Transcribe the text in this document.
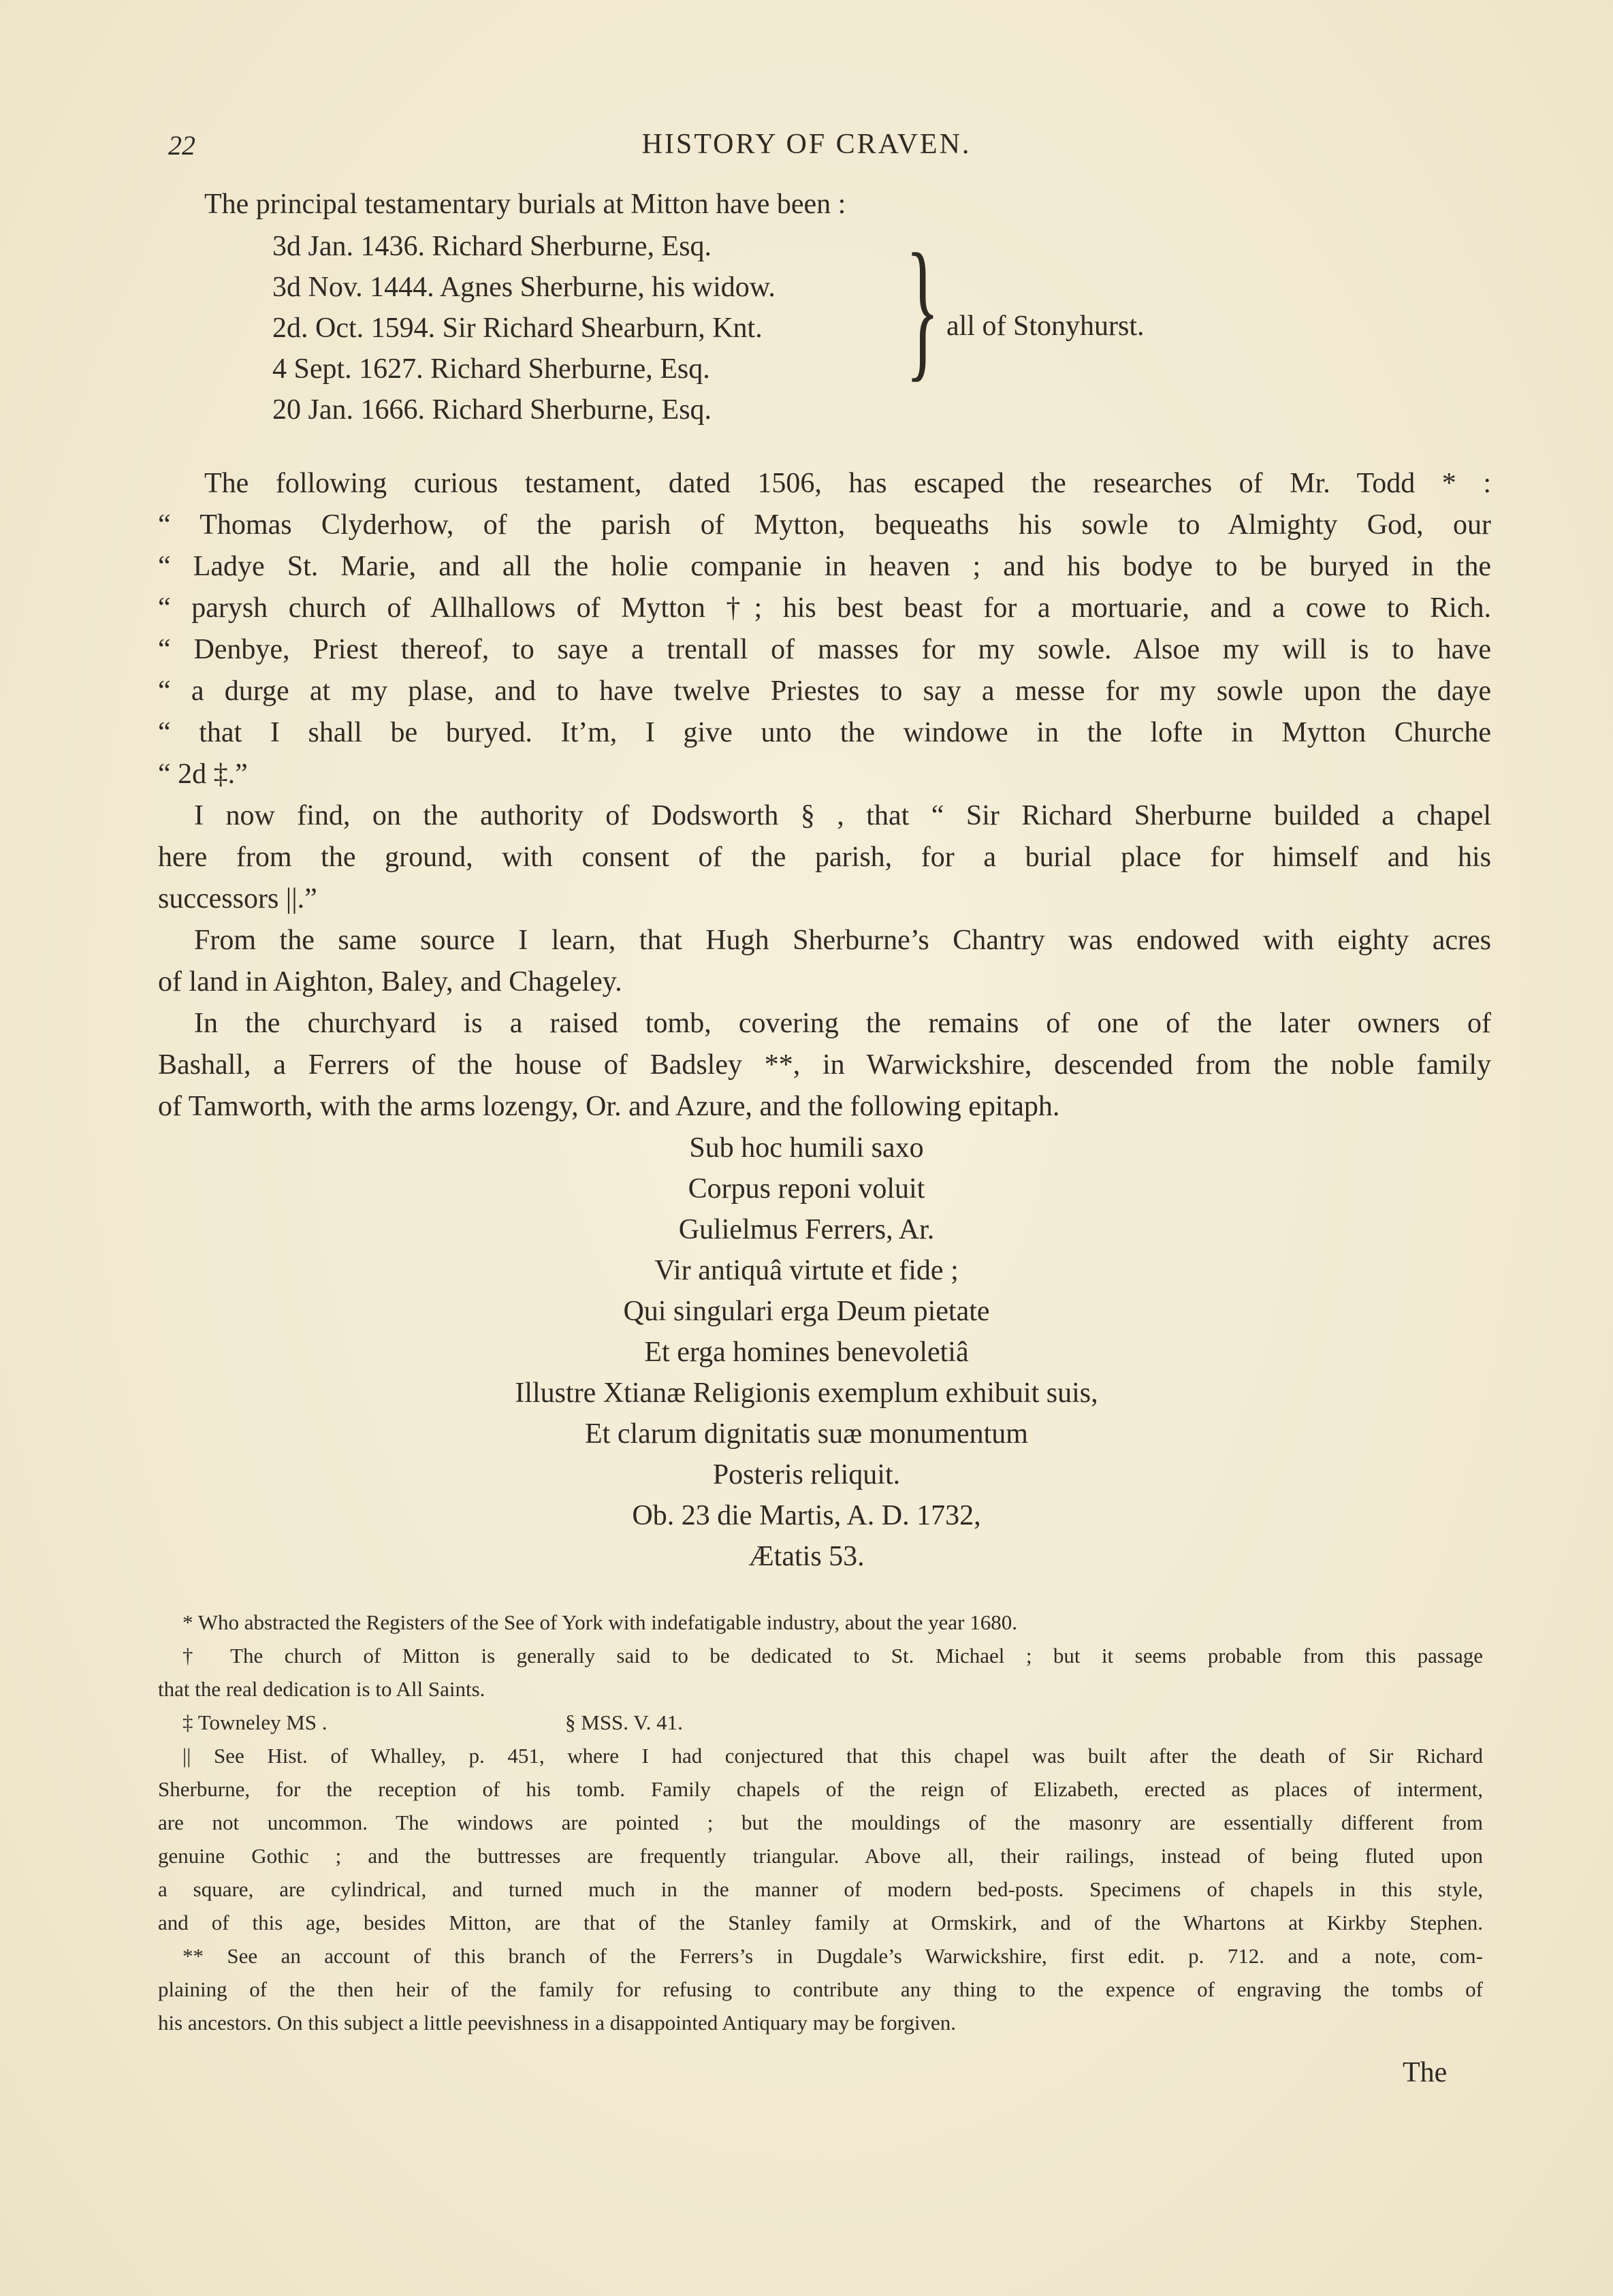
22	HISTORY OF CRAVEN.
The principal testamentary burials at Mitton have been :
3d Jan. 1436. Richard Sherburne, Esq.
3d Nov. 1444. Agnes Sherburne, his widow.
2d. Oct. 1594. Sir Richard Shearburn, Knt.
4 Sept. 1627. Richard Sherburne, Esq.
20 Jan. 1666. Richard Sherburne, Esq.
} all of Stonyhurst.
The following curious testament, dated 1506, has escaped the researches of Mr. Todd * :
“ Thomas Clyderhow, of the parish of Mytton, bequeaths his sowle to Almighty God, our
“ Ladye St. Marie, and all the holie companie in heaven ; and his bodye to be buryed in the
“ parysh church of Allhallows of Mytton †; his best beast for a mortuarie, and a cowe to Rich.
“ Denbye, Priest thereof, to saye a trentall of masses for my sowle. Alsoe my will is to have
“ a durge at my plase, and to have twelve Priestes to say a messe for my sowle upon the daye
“ that I shall be buryed. It’m, I give unto the windowe in the lofte in Mytton Churche
“ 2d ‡.”
I now find, on the authority of Dodsworth § , that “ Sir Richard Sherburne builded a chapel
here from the ground, with consent of the parish, for a burial place for himself and his
successors ||.”
From the same source I learn, that Hugh Sherburne’s Chantry was endowed with eighty acres
of land in Aighton, Baley, and Chageley.
In the churchyard is a raised tomb, covering the remains of one of the later owners of
Bashall, a Ferrers of the house of Badsley **, in Warwickshire, descended from the noble family
of Tamworth, with the arms lozengy, Or. and Azure, and the following epitaph.
Sub hoc humili saxo
Corpus reponi voluit
Gulielmus Ferrers, Ar.
Vir antiquâ virtute et fide ;
Qui singulari erga Deum pietate
Et erga homines benevoletiâ
Illustre Xtianæ Religionis exemplum exhibuit suis,
Et clarum dignitatis suæ monumentum
Posteris reliquit.
Ob. 23 die Martis, A. D. 1732,
Ætatis 53.
* Who abstracted the Registers of the See of York with indefatigable industry, about the year 1680.
† The church of Mitton is generally said to be dedicated to St. Michael ; but it seems probable from this passage
that the real dedication is to All Saints.
‡ Towneley MS .	§ MSS. V. 41.
|| See Hist. of Whalley, p. 451, where I had conjectured that this chapel was built after the death of Sir Richard
Sherburne, for the reception of his tomb. Family chapels of the reign of Elizabeth, erected as places of interment,
are not uncommon. The windows are pointed ; but the mouldings of the masonry are essentially different from
genuine Gothic ; and the buttresses are frequently triangular. Above all, their railings, instead of being fluted upon
a square, are cylindrical, and turned much in the manner of modern bed-posts. Specimens of chapels in this style,
and of this age, besides Mitton, are that of the Stanley family at Ormskirk, and of the Whartons at Kirkby Stephen.
** See an account of this branch of the Ferrers’s in Dugdale’s Warwickshire, first edit. p. 712. and a note, com-
plaining of the then heir of the family for refusing to contribute any thing to the expence of engraving the tombs of
his ancestors. On this subject a little peevishness in a disappointed Antiquary may be forgiven.
The
